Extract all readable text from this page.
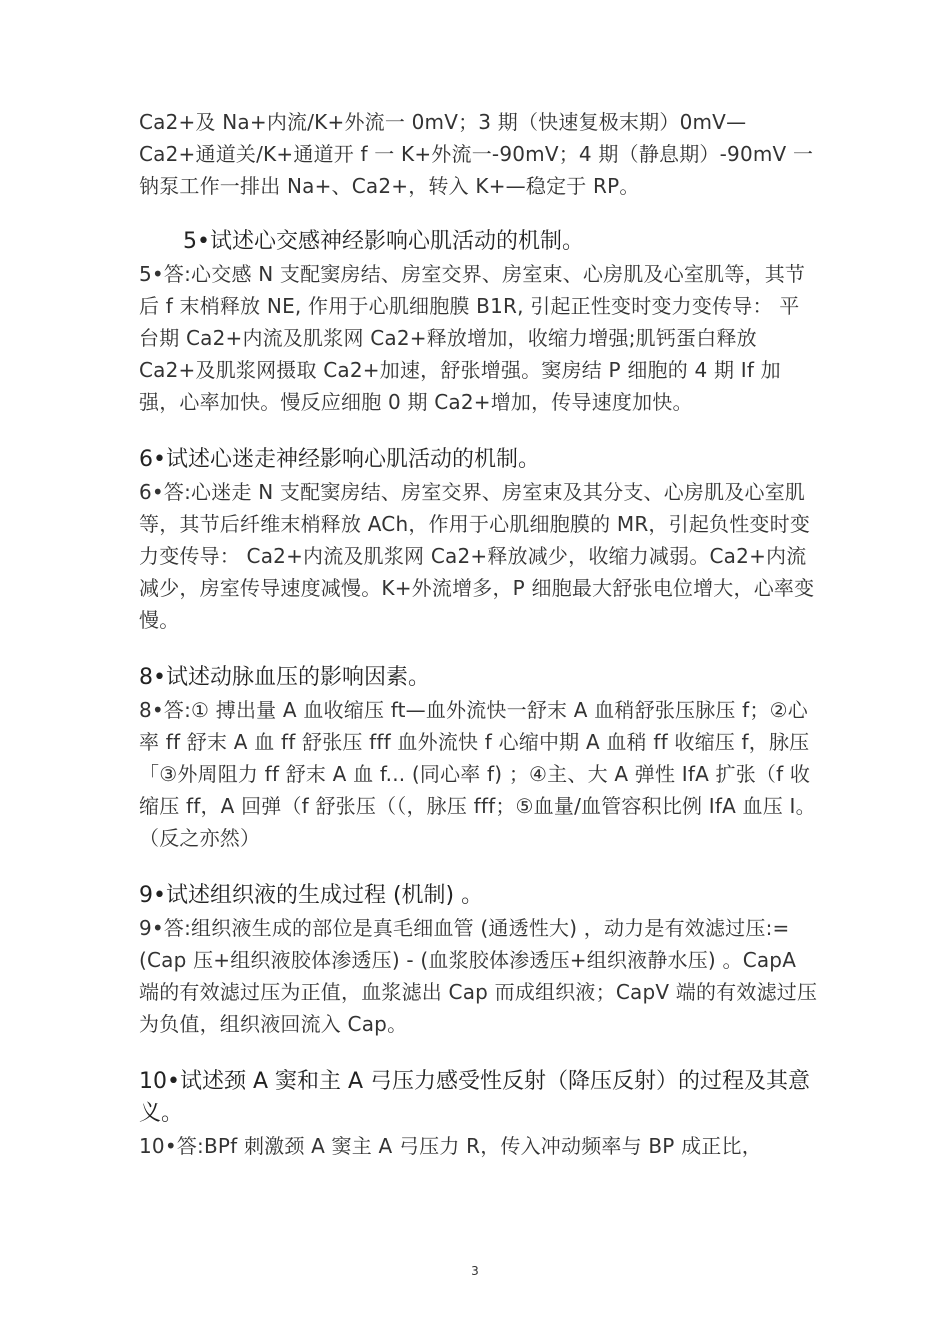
Ca2+及 Na+内流/K+外流一 0mV；3 期（快速复极末期）0mV—Ca2+通道关/K+通道开 f 一 K+外流一-90mV；4 期（静息期）-90mV 一钠泵工作一排出 Na+、Ca2+，转入 K+—稳定于 RP。

5•试述心交感神经影响心肌活动的机制。

5•答:心交感 N 支配窦房结、房室交界、房室束、心房肌及心室肌等，其节后 f 末梢释放 NE, 作用于心肌细胞膜 B1R, 引起正性变时变力变传导： 平台期 Ca2+内流及肌浆网 Ca2+释放增加，收缩力增强;肌钙蛋白释放 Ca2+及肌浆网摄取 Ca2+加速，舒张增强。窦房结 P 细胞的 4 期 If 加强，心率加快。慢反应细胞 0 期 Ca2+增加，传导速度加快。

6•试述心迷走神经影响心肌活动的机制。

6•答:心迷走 N 支配窦房结、房室交界、房室束及其分支、心房肌及心室肌等，其节后纤维末梢释放 ACh，作用于心肌细胞膜的 MR，引起负性变时变力变传导： Ca2+内流及肌浆网 Ca2+释放减少，收缩力减弱。Ca2+内流减少，房室传导速度减慢。K+外流增多，P 细胞最大舒张电位增大，心率变慢。

8•试述动脉血压的影响因素。

8•答:① 搏出量 A 血收缩压 ft—血外流快一舒末 A 血稍舒张压脉压 f；②心率 ff 舒末 A 血 ff 舒张压 fff 血外流快 f 心缩中期 A 血稍 ff 收缩压 f，脉压「③外周阻力 ff 舒末 A 血 f... (同心率 f) ；④主、大 A 弹性 IfA 扩张（f 收缩压 ff，A 回弹（f 舒张压（（，脉压 fff；⑤血量/血管容积比例 IfA 血压 I。（反之亦然）

9•试述组织液的生成过程 (机制) 。

9•答:组织液生成的部位是真毛细血管 (通透性大) ，动力是有效滤过压:= (Cap 压+组织液胶体渗透压) - (血浆胶体渗透压+组织液静水压) 。CapA 端的有效滤过压为正值，血浆滤出 Cap 而成组织液；CapV 端的有效滤过压为负值，组织液回流入 Cap。

10•试述颈 A 窦和主 A 弓压力感受性反射（降压反射）的过程及其意义。

10•答:BPf 刺激颈 A 窦主 A 弓压力 R，传入冲动频率与 BP 成正比，

3
